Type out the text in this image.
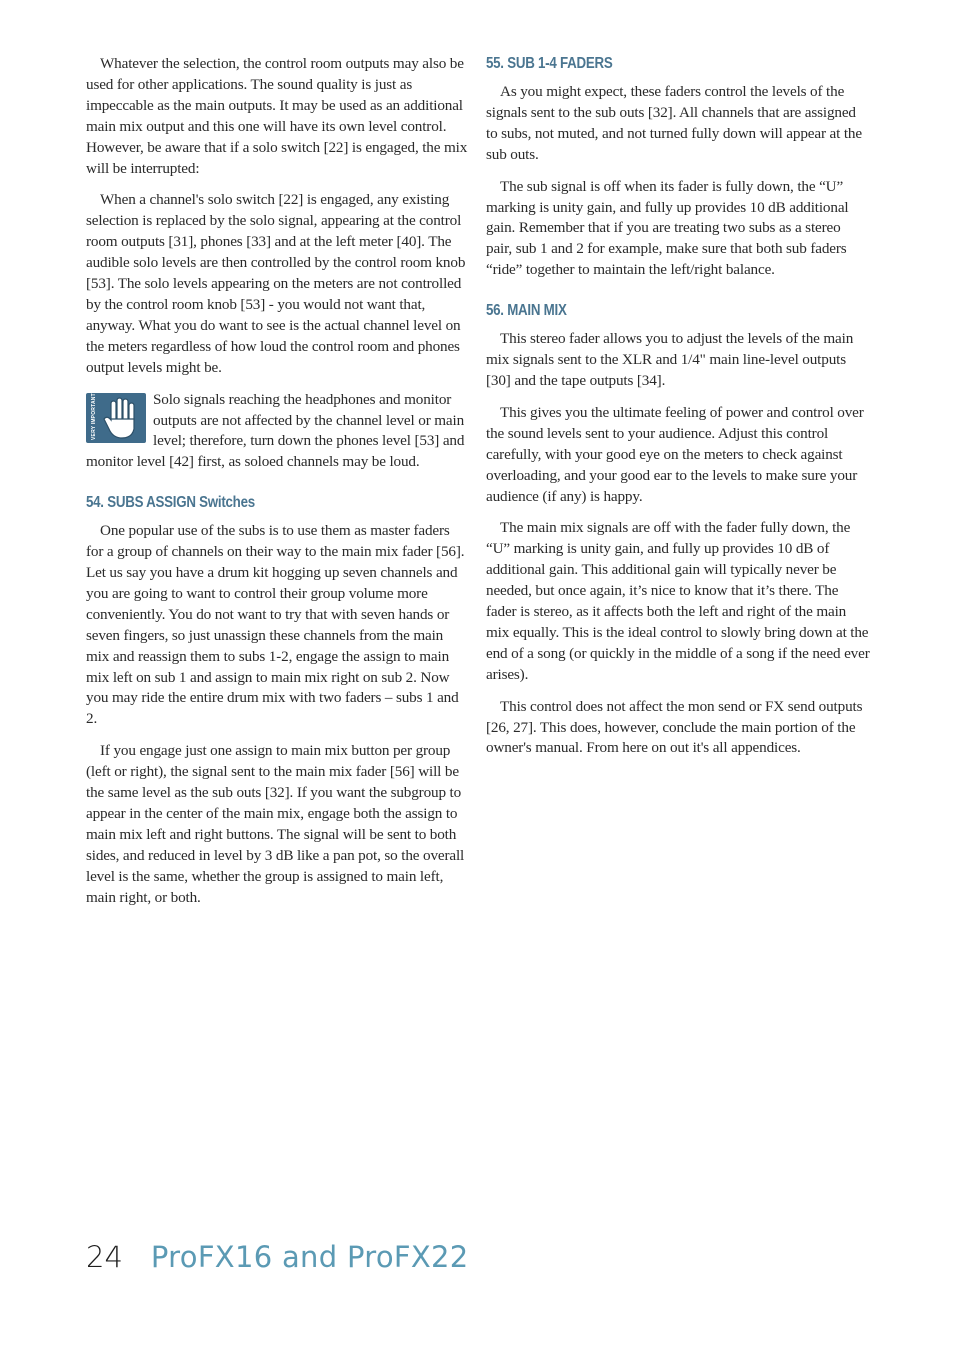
Whatever the selection, the control room outputs may also be used for other applications. The sound quality is just as impeccable as the main outputs. It may be used as an additional main mix output and this one will have its own level control. However, be aware that if a solo switch [22] is engaged, the mix will be interrupted:

When a channel's solo switch [22] is engaged, any existing selection is replaced by the solo signal, appearing at the control room outputs [31], phones [33] and at the left meter [40]. The audible solo levels are then controlled by the control room knob [53]. The solo levels appearing on the meters are not controlled by the control room knob [53] - you would not want that, anyway. What you do want to see is the actual channel level on the meters regardless of how loud the control room and phones output levels might be.

VERY IMPORTANT	Solo signals reaching the headphones and monitor outputs are not affected by the channel level or main level; therefore, turn down the phones level [53] and monitor level [42] first, as soloed channels may be loud.

54. SUBS ASSIGN Switches

One popular use of the subs is to use them as master faders for a group of channels on their way to the main mix fader [56]. Let us say you have a drum kit hogging up seven channels and you are going to want to control their group volume more conveniently. You do not want to try that with seven hands or seven fingers, so just unassign these channels from the main mix and reassign them to subs 1-2, engage the assign to main mix left on sub 1 and assign to main mix right on sub 2. Now you may ride the entire drum mix with two faders – subs 1 and 2.

If you engage just one assign to main mix button per group (left or right), the signal sent to the main mix fader [56] will be the same level as the sub outs [32]. If you want the subgroup to appear in the center of the main mix, engage both the assign to main mix left and right buttons. The signal will be sent to both sides, and reduced in level by 3 dB like a pan pot, so the overall level is the same, whether the group is assigned to main left, main right, or both.

55. SUB 1-4 FADERS

As you might expect, these faders control the levels of the signals sent to the sub outs [32]. All channels that are assigned to subs, not muted, and not turned fully down will appear at the sub outs.

The sub signal is off when its fader is fully down, the “U” marking is unity gain, and fully up provides 10 dB additional gain. Remember that if you are treating two subs as a stereo pair, sub 1 and 2 for example, make sure that both sub faders “ride” together to maintain the left/right balance.

56. MAIN MIX

This stereo fader allows you to adjust the levels of the main mix signals sent to the XLR and 1/4" main line-level outputs [30] and the tape outputs [34].

This gives you the ultimate feeling of power and control over the sound levels sent to your audience. Adjust this control carefully, with your good eye on the meters to check against overloading, and your good ear to the levels to make sure your audience (if any) is happy.

The main mix signals are off with the fader fully down, the “U” marking is unity gain, and fully up provides 10 dB of additional gain. This additional gain will typically never be needed, but once again, it’s nice to know that it’s there. The fader is stereo, as it affects both the left and right of the main mix equally. This is the ideal control to slowly bring down at the end of a song (or quickly in the middle of a song if the need ever arises).

This control does not affect the mon send or FX send outputs [26, 27]. This does, however, conclude the main portion of the owner's manual. From here on out it's all appendices.

24 ProFX16 and ProFX22
